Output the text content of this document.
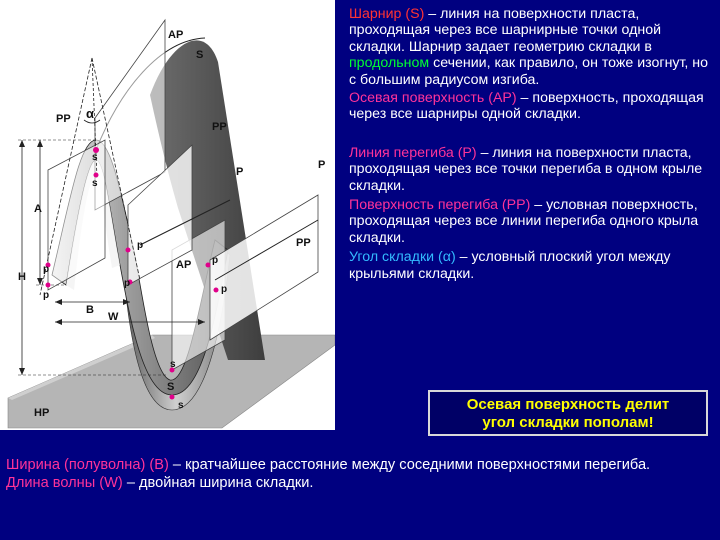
AP
S
α
PP
PP
P
P
s
s
A
H
p
p
p
p
AP p
p
PP
B
W
s
S
s
HP

Шарнир (S) – линия на поверхности пласта, проходящая через все шарнирные точки одной складки. Шарнир задает геометрию складки в продольном сечении, как правило, он тоже изогнут, но с большим радиусом изгиба.

Осевая поверхность (AP) – поверхность, проходящая через все шарниры одной складки.

Линия перегиба (P) – линия на поверхности пласта, проходящая через все точки перегиба в одном крыле складки.

Поверхность перегиба (PP) – условная поверхность, проходящая через все линии перегиба одного крыла складки.

Угол складки (α) – условный плоский угол между крыльями складки.

Осевая поверхность делит
угол складки пополам!

Ширина (полуволна) (B) – кратчайшее расстояние между соседними поверхностями перегиба.

Длина волны (W) – двойная ширина складки.
